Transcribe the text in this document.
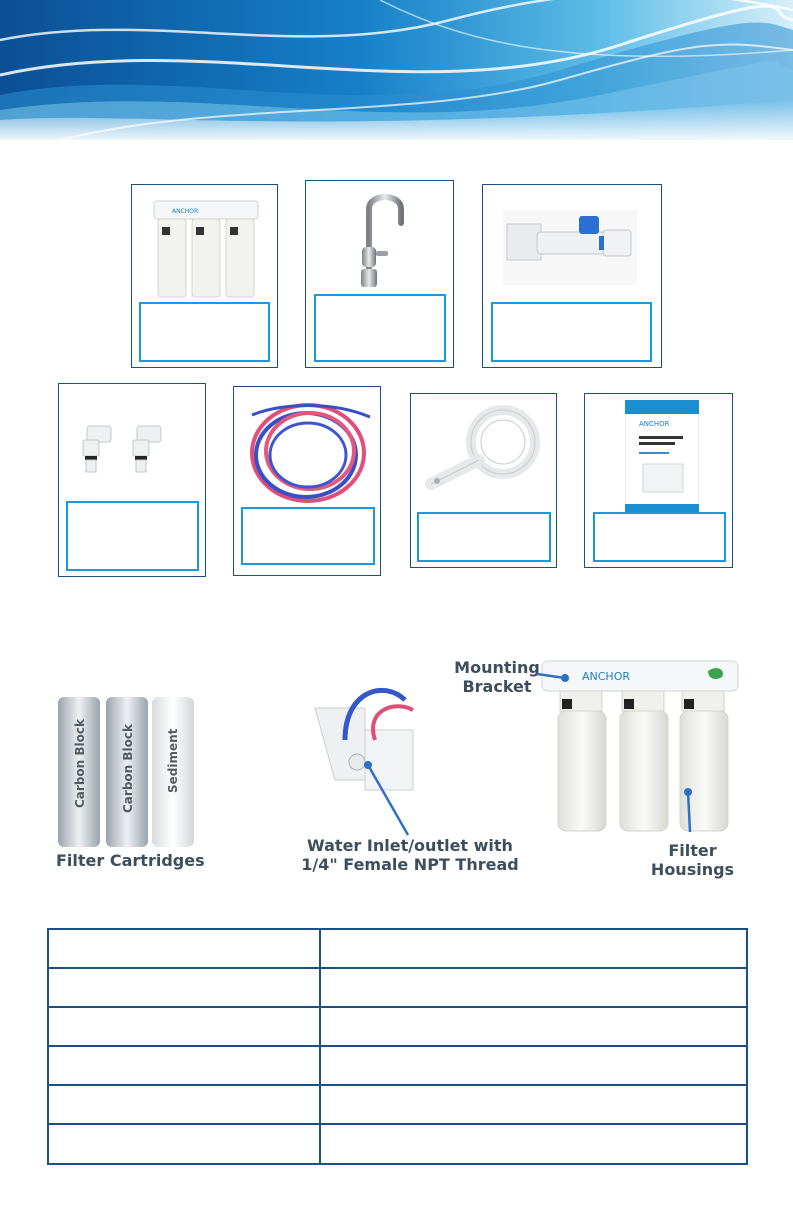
ANCHOR
ANCHOR
Carbon Block	Carbon Block	Sediment
Filter Cartridges
Water Inlet/outlet with
1/4" Female NPT Thread
Mounting
Bracket
ANCHOR
Filter
Housings
